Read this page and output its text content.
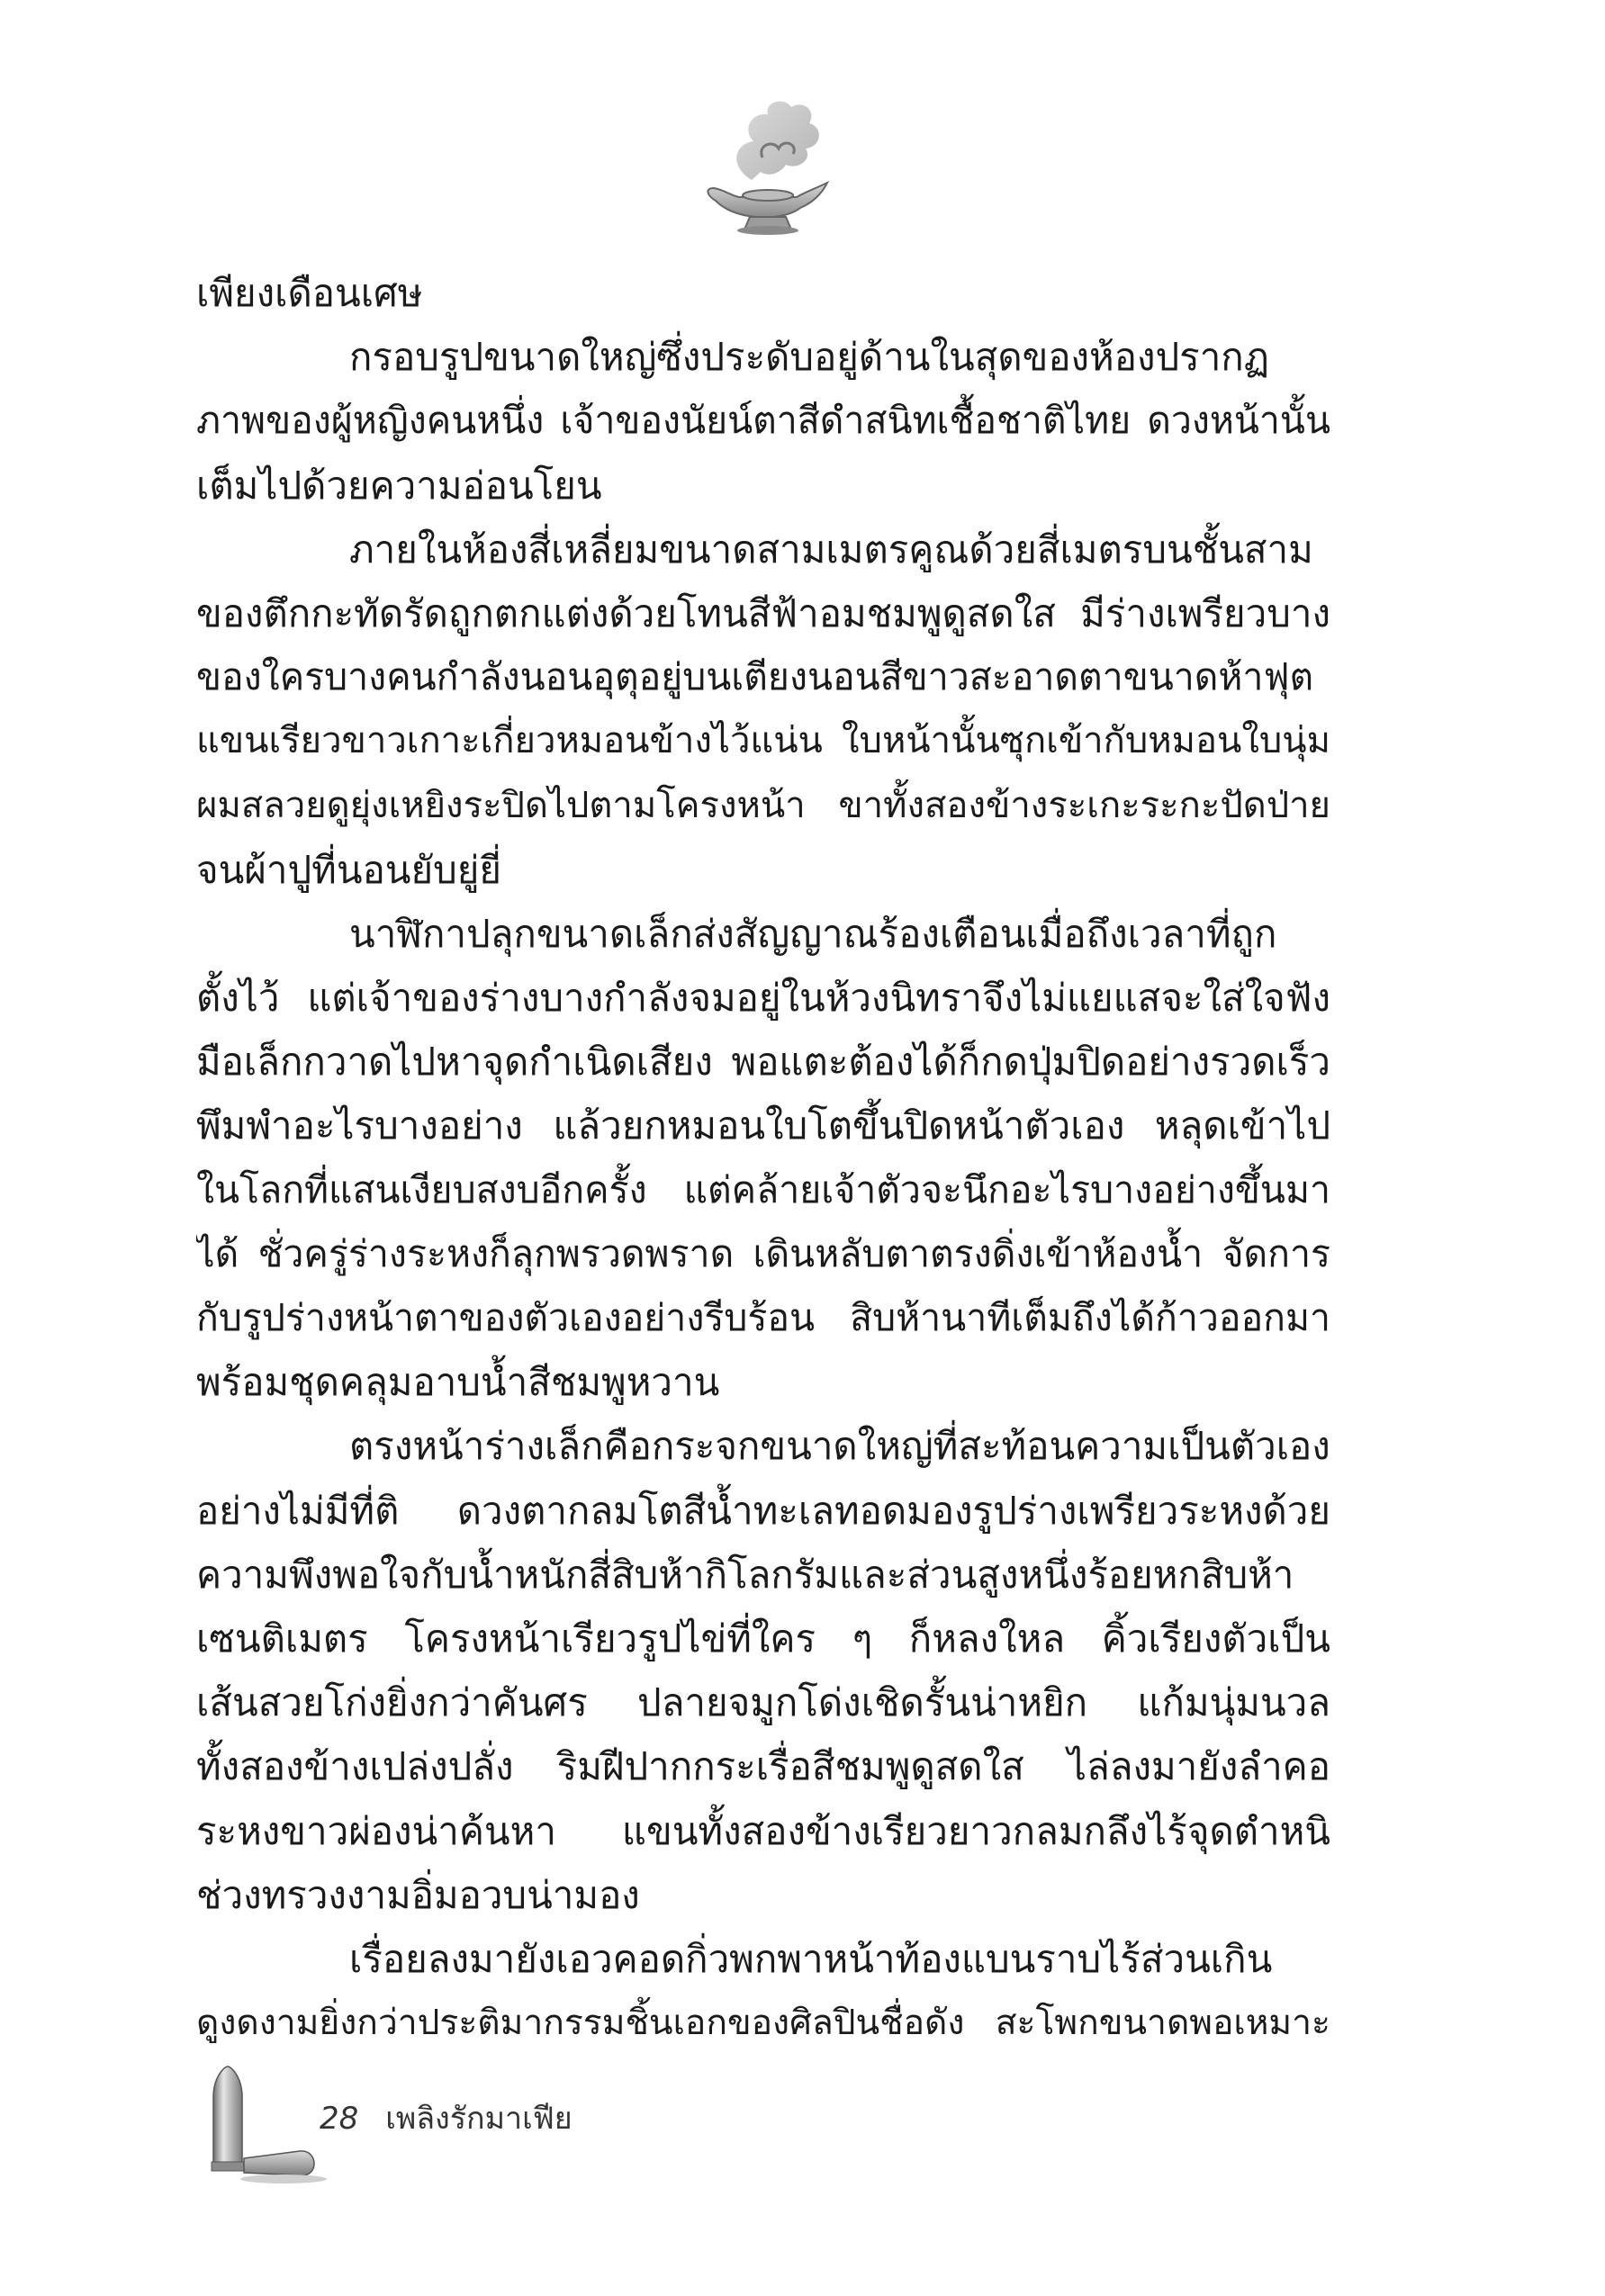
เพียงเดือนเศษ
กรอบรูปขนาดใหญ่ซึ่งประดับอยู่ด้านในสุดของห้องปรากฏ
ภาพของผู้หญิงคนหนึ่ง เจ้าของนัยน์ตาสีดำสนิทเชื้อชาติไทย ดวงหน้านั้น
เต็มไปด้วยความอ่อนโยน
ภายในห้องสี่เหลี่ยมขนาดสามเมตรคูณด้วยสี่เมตรบนชั้นสาม
ของตึกกะทัดรัดถูกตกแต่งด้วยโทนสีฟ้าอมชมพูดูสดใส มีร่างเพรียวบาง
ของใครบางคนกำลังนอนอุตุอยู่บนเตียงนอนสีขาวสะอาดตาขนาดห้าฟุต
แขนเรียวขาวเกาะเกี่ยวหมอนข้างไว้แน่น ใบหน้านั้นซุกเข้ากับหมอนใบนุ่ม
ผมสลวยดูยุ่งเหยิงระปิดไปตามโครงหน้า ขาทั้งสองข้างระเกะระกะปัดป่าย
จนผ้าปูที่นอนยับยู่ยี่
นาฬิกาปลุกขนาดเล็กส่งสัญญาณร้องเตือนเมื่อถึงเวลาที่ถูก
ตั้งไว้ แต่เจ้าของร่างบางกำลังจมอยู่ในห้วงนิทราจึงไม่แยแสจะใส่ใจฟัง
มือเล็กกวาดไปหาจุดกำเนิดเสียง พอแตะต้องได้ก็กดปุ่มปิดอย่างรวดเร็ว
พึมพำอะไรบางอย่าง แล้วยกหมอนใบโตขึ้นปิดหน้าตัวเอง หลุดเข้าไป
ในโลกที่แสนเงียบสงบอีกครั้ง แต่คล้ายเจ้าตัวจะนึกอะไรบางอย่างขึ้นมา
ได้ ชั่วครู่ร่างระหงก็ลุกพรวดพราด เดินหลับตาตรงดิ่งเข้าห้องน้ำ จัดการ
กับรูปร่างหน้าตาของตัวเองอย่างรีบร้อน สิบห้านาทีเต็มถึงได้ก้าวออกมา
พร้อมชุดคลุมอาบน้ำสีชมพูหวาน
ตรงหน้าร่างเล็กคือกระจกขนาดใหญ่ที่สะท้อนความเป็นตัวเอง
อย่างไม่มีที่ติ ดวงตากลมโตสีน้ำทะเลทอดมองรูปร่างเพรียวระหงด้วย
ความพึงพอใจกับน้ำหนักสี่สิบห้ากิโลกรัมและส่วนสูงหนึ่งร้อยหกสิบห้า
เซนติเมตร โครงหน้าเรียวรูปไข่ที่ใคร ๆ ก็หลงใหล คิ้วเรียงตัวเป็น
เส้นสวยโก่งยิ่งกว่าคันศร ปลายจมูกโด่งเชิดรั้นน่าหยิก แก้มนุ่มนวล
ทั้งสองข้างเปล่งปลั่ง ริมฝีปากกระเรื่อสีชมพูดูสดใส ไล่ลงมายังลำคอ
ระหงขาวผ่องน่าค้นหา แขนทั้งสองข้างเรียวยาวกลมกลึงไร้จุดตำหนิ
ช่วงทรวงงามอิ่มอวบน่ามอง
เรื่อยลงมายังเอวคอดกิ่วพกพาหน้าท้องแบนราบไร้ส่วนเกิน
ดูงดงามยิ่งกว่าประติมากรรมชิ้นเอกของศิลปินชื่อดัง สะโพกขนาดพอเหมาะ
28 เพลิงรักมาเฟีย
